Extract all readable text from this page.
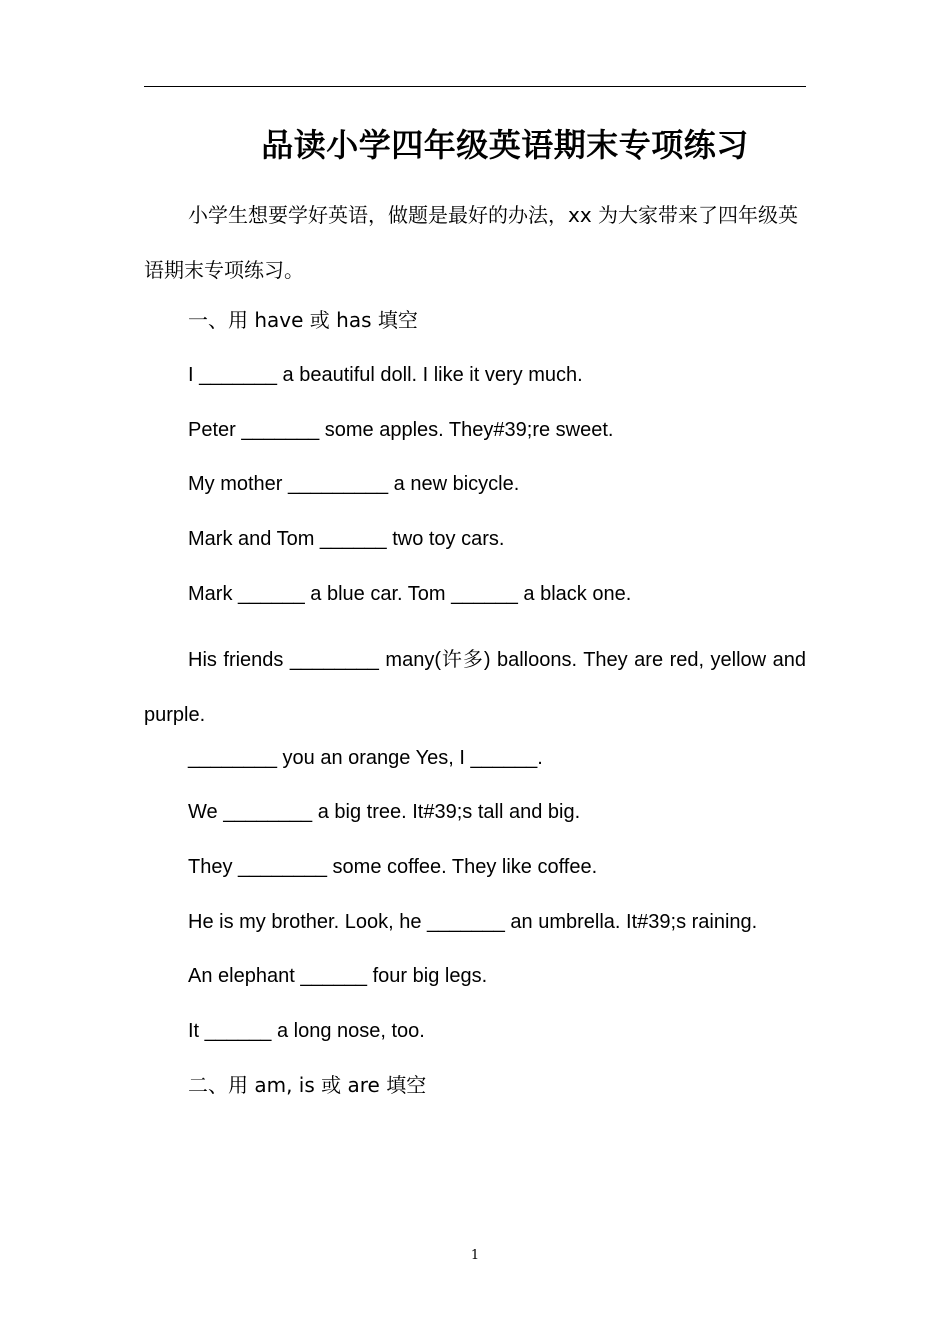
品读小学四年级英语期末专项练习
小学生想要学好英语，做题是最好的办法，xx 为大家带来了四年级英语期末专项练习。
一、用 have 或 has 填空
I _______ a beautiful doll. I like it very much.
Peter _______ some apples. They#39;re sweet.
My mother _________ a new bicycle.
Mark and Tom ______ two toy cars.
Mark ______ a blue car. Tom ______ a black one.
His friends ________ many(许多) balloons. They are red, yellow and purple.
________ you an orange Yes, I ______.
We ________ a big tree. It#39;s tall and big.
They ________ some coffee. They like coffee.
He is my brother. Look, he _______ an umbrella. It#39;s raining.
An elephant ______ four big legs.
It ______ a long nose, too.
二、用 am, is 或 are 填空
1
